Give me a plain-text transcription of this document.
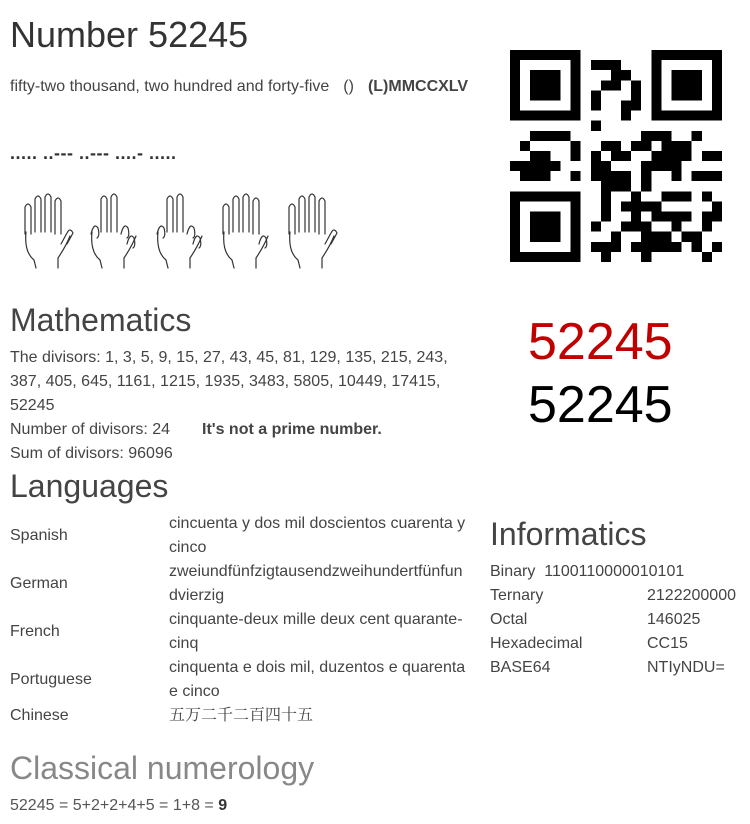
Number 52245
fifty-two thousand, two hundred and forty-five () (L)MMCCXLV
..... ..--- ..--- ....- .....
Mathematics
The divisors: 1, 3, 5, 9, 15, 27, 43, 45, 81, 129, 135, 215, 243, 387, 405, 645, 1161, 1215, 1935, 3483, 5805, 10449, 17415, 52245
Number of divisors: 24 It's not a prime number.
Sum of divisors: 96096
52245
52245
Languages
Spanish	cincuenta y dos mil doscientos cuarenta y cinco
German	zweiundfünfzigtausendzweihundertfünfundvierzig
French	cinquante-deux mille deux cent quarante-cinq
Portuguese	cinquenta e dois mil, duzentos e quarenta e cinco
Chinese	五万二千二百四十五
Informatics
Binary 1100110000010101	
Ternary	2122200000
Octal	146025
Hexadecimal	CC15
BASE64	NTIyNDU=
Classical numerology
52245 = 5+2+2+4+5 = 1+8 = 9
